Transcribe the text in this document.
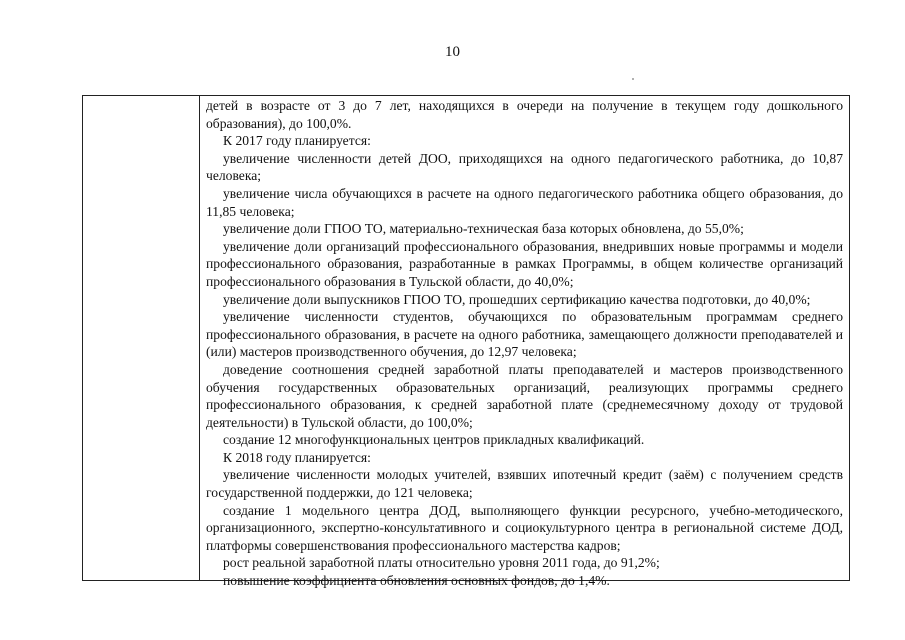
10

детей в возрасте от 3 до 7 лет, находящихся в очереди на получение в текущем году дошкольного образования), до 100,0%.

К 2017 году планируется:

увеличение численности детей ДОО, приходящихся на одного педагогического работника, до 10,87 человека;

увеличение числа обучающихся в расчете на одного педагогического работника общего образования, до 11,85 человека;

увеличение доли ГПОО ТО, материально-техническая база которых обновлена, до 55,0%;

увеличение доли организаций профессионального образования, внедривших новые программы и модели профессионального образования, разработанные в рамках Программы, в общем количестве организаций профессионального образования в Тульской области, до 40,0%;

увеличение доли выпускников ГПОО ТО, прошедших сертификацию качества подготовки, до 40,0%;

увеличение численности студентов, обучающихся по образовательным программам среднего профессионального образования, в расчете на одного работника, замещающего должности преподавателей и (или) мастеров производственного обучения, до 12,97 человека;

доведение соотношения средней заработной платы преподавателей и мастеров производственного обучения государственных образовательных организаций, реализующих программы среднего профессионального образования, к средней заработной плате (среднемесячному доходу от трудовой деятельности) в Тульской области, до 100,0%;

создание 12 многофункциональных центров прикладных квалификаций.

К 2018 году планируется:

увеличение численности молодых учителей, взявших ипотечный кредит (заём) с получением средств государственной поддержки, до 121 человека;

создание 1 модельного центра ДОД, выполняющего функции ресурсного, учебно-методического, организационного, экспертно-консультативного и социокультурного центра в региональной системе ДОД, платформы совершенствования профессионального мастерства кадров;

рост реальной заработной платы относительно уровня 2011 года, до 91,2%;

повышение коэффициента обновления основных фондов, до 1,4%.
